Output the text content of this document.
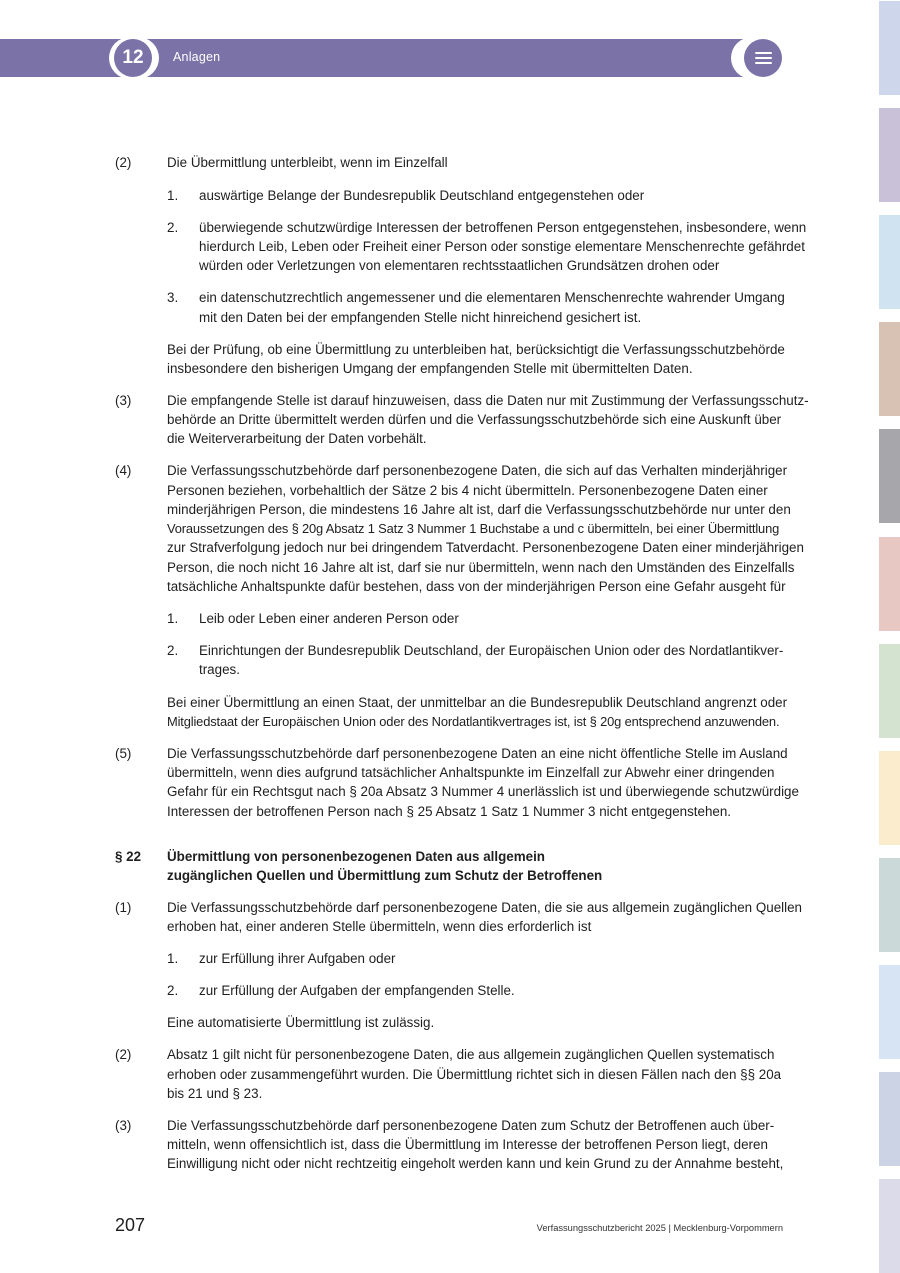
12	Anlagen
(2)	Die Übermittlung unterbleibt, wenn im Einzelfall

1. auswärtige Belange der Bundesrepublik Deutschland entgegenstehen oder

2. überwiegende schutzwürdige Interessen der betroffenen Person entgegenstehen, insbesondere, wenn

hierdurch Leib, Leben oder Freiheit einer Person oder sonstige elementare Menschenrechte gefährdet

würden oder Verletzungen von elementaren rechtsstaatlichen Grundsätzen drohen oder

3. ein datenschutzrechtlich angemessener und die elementaren Menschenrechte wahrender Umgang

mit den Daten bei der empfangenden Stelle nicht hinreichend gesichert ist.

Bei der Prüfung, ob eine Übermittlung zu unterbleiben hat, berücksichtigt die Verfassungsschutzbehörde

insbesondere den bisherigen Umgang der empfangenden Stelle mit übermittelten Daten.

(3)	Die empfangende Stelle ist darauf hinzuweisen, dass die Daten nur mit Zustimmung der Verfassungsschutz-

behörde an Dritte übermittelt werden dürfen und die Verfassungsschutzbehörde sich eine Auskunft über

die Weiterverarbeitung der Daten vorbehält.

(4)	Die Verfassungsschutzbehörde darf personenbezogene Daten, die sich auf das Verhalten minderjähriger

Personen beziehen, vorbehaltlich der Sätze 2 bis 4 nicht übermitteln. Personenbezogene Daten einer

minderjährigen Person, die mindestens 16 Jahre alt ist, darf die Verfassungsschutzbehörde nur unter den

Voraussetzungen des § 20g Absatz 1 Satz 3 Nummer 1 Buchstabe a und c übermitteln, bei einer Übermittlung

zur Strafverfolgung jedoch nur bei dringendem Tatverdacht. Personenbezogene Daten einer minderjährigen

Person, die noch nicht 16 Jahre alt ist, darf sie nur übermitteln, wenn nach den Umständen des Einzelfalls

tatsächliche Anhaltspunkte dafür bestehen, dass von der minderjährigen Person eine Gefahr ausgeht für

1. Leib oder Leben einer anderen Person oder

2. Einrichtungen der Bundesrepublik Deutschland, der Europäischen Union oder des Nordatlantikver-

trages.

Bei einer Übermittlung an einen Staat, der unmittelbar an die Bundesrepublik Deutschland angrenzt oder

Mitgliedstaat der Europäischen Union oder des Nordatlantikvertrages ist, ist § 20g entsprechend anzuwenden.

(5)	Die Verfassungsschutzbehörde darf personenbezogene Daten an eine nicht öffentliche Stelle im Ausland

übermitteln, wenn dies aufgrund tatsächlicher Anhaltspunkte im Einzelfall zur Abwehr einer dringenden

Gefahr für ein Rechtsgut nach § 20a Absatz 3 Nummer 4 unerlässlich ist und überwiegende schutzwürdige

Interessen der betroffenen Person nach § 25 Absatz 1 Satz 1 Nummer 3 nicht entgegenstehen.

§ 22 Übermittlung von personenbezogenen Daten aus allgemein

zugänglichen Quellen und Übermittlung zum Schutz der Betroffenen

(1)	Die Verfassungsschutzbehörde darf personenbezogene Daten, die sie aus allgemein zugänglichen Quellen

erhoben hat, einer anderen Stelle übermitteln, wenn dies erforderlich ist

1. zur Erfüllung ihrer Aufgaben oder

2. zur Erfüllung der Aufgaben der empfangenden Stelle.

Eine automatisierte Übermittlung ist zulässig.

(2)	Absatz 1 gilt nicht für personenbezogene Daten, die aus allgemein zugänglichen Quellen systematisch

erhoben oder zusammengeführt wurden. Die Übermittlung richtet sich in diesen Fällen nach den §§ 20a

bis 21 und § 23.

(3)	Die Verfassungsschutzbehörde darf personenbezogene Daten zum Schutz der Betroffenen auch über-

mitteln, wenn offensichtlich ist, dass die Übermittlung im Interesse der betroffenen Person liegt, deren

Einwilligung nicht oder nicht rechtzeitig eingeholt werden kann und kein Grund zu der Annahme besteht,

207	Verfassungsschutzbericht 2025 | Mecklenburg-Vorpommern
